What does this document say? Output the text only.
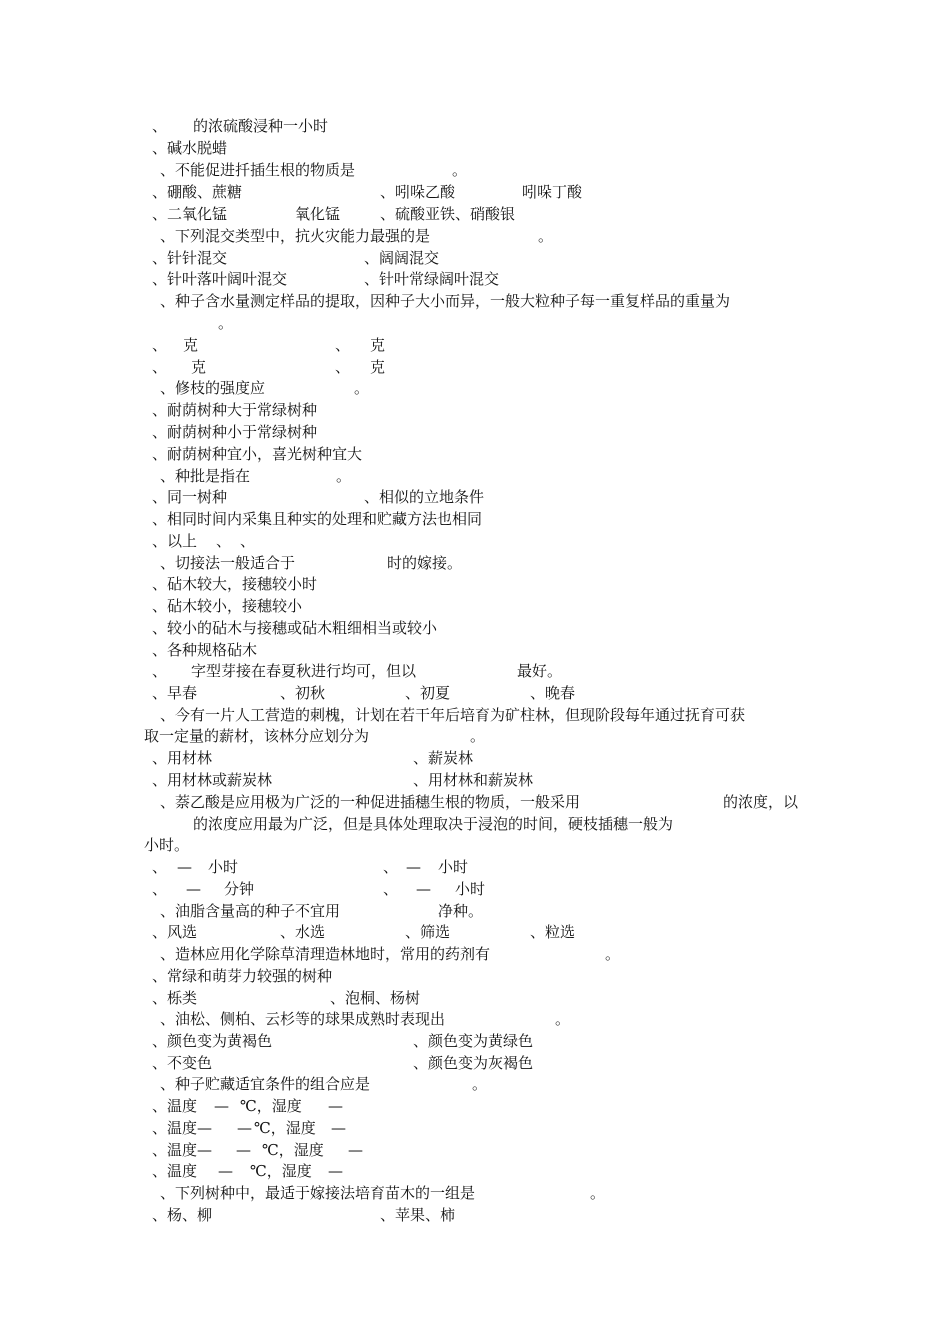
、

的浓硫酸浸种一小时

、碱水脱蜡

、不能促进扦插生根的物质是

	。

、硼酸、蔗糖

	、吲哚乙酸

	吲哚丁酸

、二氧化锰

	氧化锰

	、硫酸亚铁、硝酸银

、下列混交类型中，抗火灾能力最强的是

	。

、针针混交

	、阔阔混交

、针叶落叶阔叶混交

	、针叶常绿阔叶混交

、种子含水量测定样品的提取，因种子大小而异，一般大粒种子每一重复样品的重量为

。

、

克

	、

克

、

克

	、

克

、修枝的强度应

	。

、耐荫树种大于常绿树种

、耐荫树种小于常绿树种

、耐荫树种宜小，喜光树种宜大

、种批是指在

	。

、同一树种

	、相似的立地条件

、相同时间内采集且种实的处理和贮藏方法也相同

、以上

、

、

、切接法一般适合于

	时的嫁接。

、砧木较大，接穗较小时

、砧木较小，接穗较小

、较小的砧木与接穗或砧木粗细相当或较小

、各种规格砧木

、

字型芽接在春夏秋进行均可，但以

	最好。

、早春

	、初秋

	、初夏

	、晚春

、今有一片人工营造的刺槐，计划在若干年后培育为矿柱林，但现阶段每年通过抚育可获

取一定量的薪材，该林分应划分为

	。

、用材林

	、薪炭林

、用材林或薪炭林

	、用材林和薪炭林

、萘乙酸是应用极为广泛的一种促进插穗生根的物质，一般采用

	的浓度，以

的浓度应用最为广泛，但是具体处理取决于浸泡的时间，硬枝插穗一般为

小时。

、

—

小时

	、

—

小时

、

—

分钟

	、

—

小时

、油脂含量高的种子不宜用

	净种。

、风选

	、水选

	、筛选

	、粒选

、造林应用化学除草清理造林地时，常用的药剂有

	。

、常绿和萌芽力较强的树种

、栎类

	、泡桐、杨树

、油松、侧柏、云杉等的球果成熟时表现出

	。

、颜色变为黄褐色

	、颜色变为黄绿色

、不变色

	、颜色变为灰褐色

、种子贮藏适宜条件的组合应是

	。

、温度

—

℃，湿度

—

、温度—

—

℃，湿度

—

、温度—

—

℃，湿度

—

、温度

—

℃，湿度

—

、下列树种中，最适于嫁接法培育苗木的一组是

	。

、杨、柳

	、苹果、柿
